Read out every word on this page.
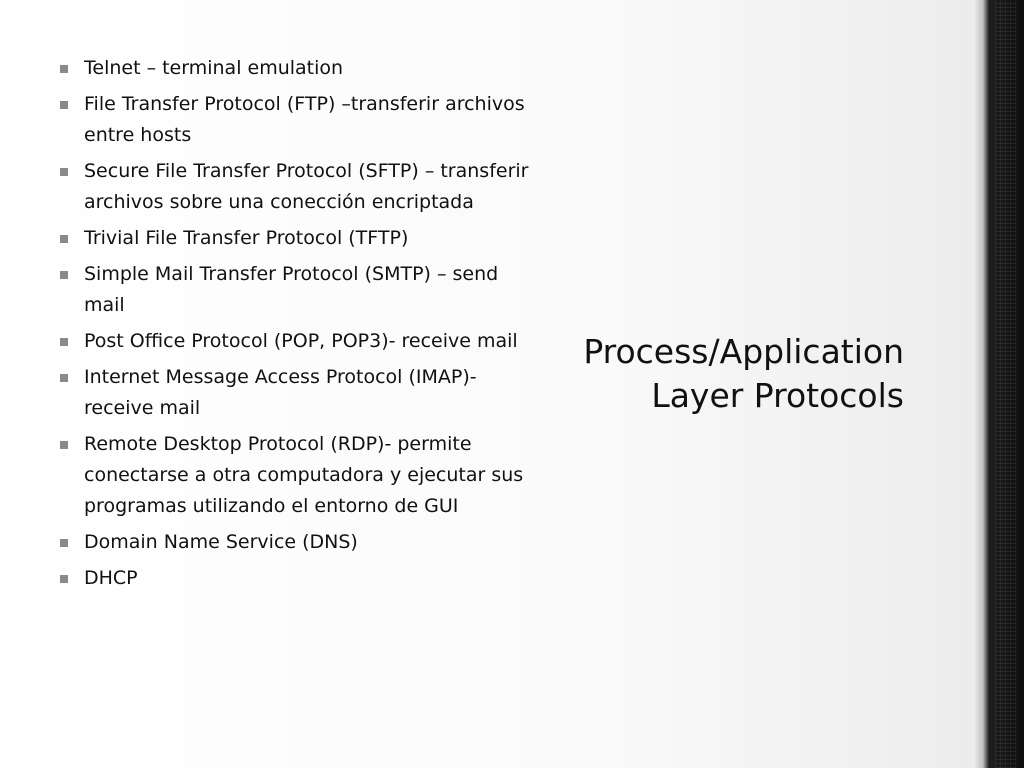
Telnet – terminal emulation
File Transfer Protocol (FTP) –transferir archivos entre hosts
Secure File Transfer Protocol (SFTP) – transferir archivos sobre una conección encriptada
Trivial File Transfer Protocol (TFTP)
Simple Mail Transfer Protocol (SMTP) – send mail
Post Office Protocol (POP, POP3)- receive mail
Internet Message Access Protocol (IMAP)- receive mail
Remote Desktop Protocol (RDP)- permite conectarse a otra computadora y ejecutar sus programas utilizando el entorno de GUI
Domain Name Service (DNS)
DHCP
Process/Application
Layer Protocols
